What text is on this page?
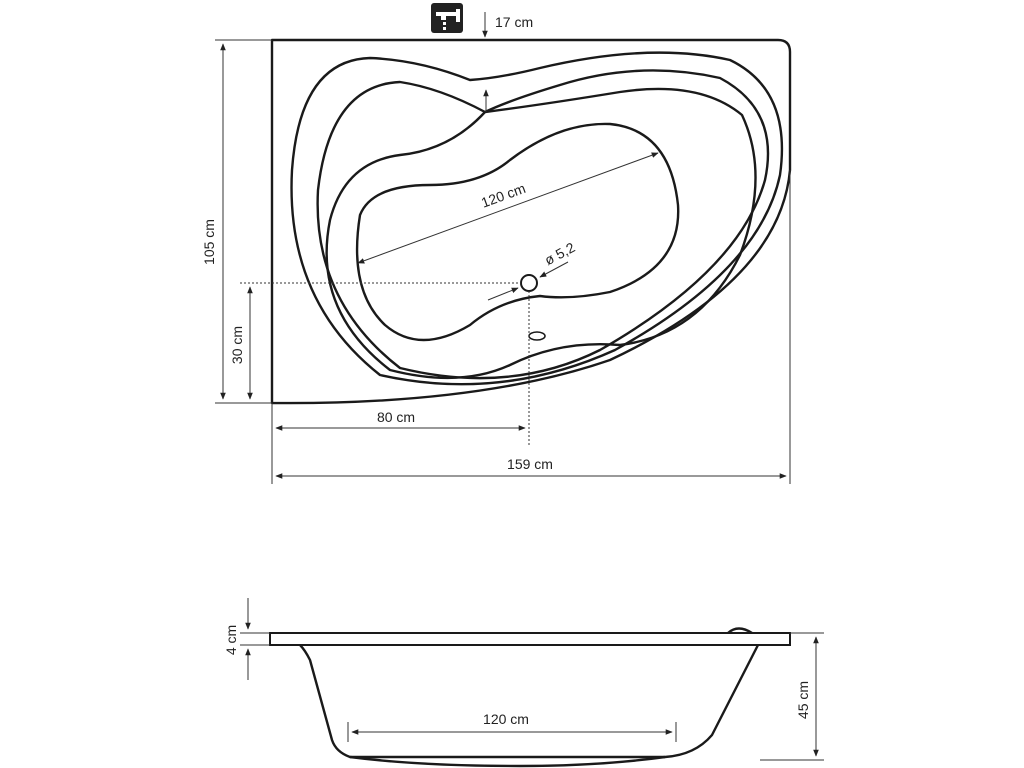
17 cm
105 cm
30 cm
80 cm
159 cm
120 cm
ø 5,2
4 cm
45 cm
120 cm
